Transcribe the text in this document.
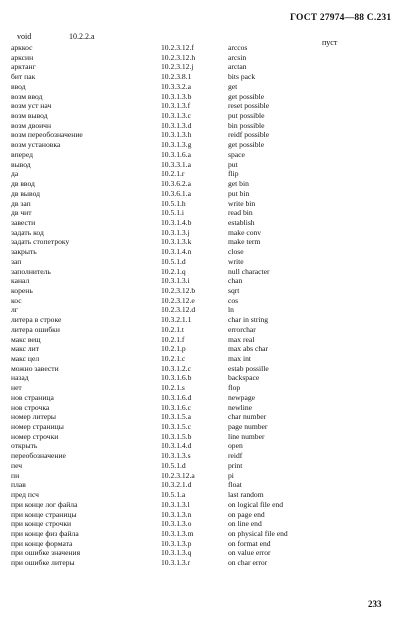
ГОСТ 27974—88 С.231
void	10.2.2.a
пуст
арккос	10.2.3.12.f	arccos
арксин	10.2.3.12.h	arcsin
арктанг	10.2.3.12.j	arctan
бит пак	10.2.3.8.1	bits pack
ввод	10.3.3.2.a	get
возм ввод	10.3.1.3.b	get possible
возм уст нач	10.3.1.3.f	reset possible
возм вывод	10.3.1.3.c	put possible
возм двоичн	10.3.1.3.d	bin possible
возм переобозначение	10.3.1.3.h	reidf possible
возм установка	10.3.1.3.g	get possible
вперед	10.3.1.6.a	space
вывод	10.3.3.1.a	put
да	10.2.1.r	flip
дв ввод	10.3.6.2.a	get bin
дв вывод	10.3.6.1.a	put bin
дв зап	10.5.1.h	write bin
дв чит	10.5.1.i	read bin
завести	10.3.1.4.b	establish
задать код	10.3.1.3.j	make conv
задать стопетроку	10.3.1.3.k	make term
закрыть	10.3.1.4.n	close
зап	10.5.1.d	write
заполнитель	10.2.1.q	null character
канал	10.3.1.3.i	chan
корень	10.2.3.12.b	sqrt
кос	10.2.3.12.e	cos
лг	10.2.3.12.d	ln
литера в строке	10.3.2.1.1	char in string
литера ошибки	10.2.1.t	errorchar
макс вещ	10.2.1.f	max real
макс лит	10.2.1.p	max abs char
макс цел	10.2.1.c	max int
можно завести	10.3.1.2.c	estab possille
назад	10.3.1.6.b	backspace
нет	10.2.1.s	flop
нов страница	10.3.1.6.d	newpage
нов строчка	10.3.1.6.c	newline
номер литеры	10.3.1.5.a	char number
номер страницы	10.3.1.5.c	page number
номер строчки	10.3.1.5.b	line number
открыть	10.3.1.4.d	open
переобозначение	10.3.1.3.s	reidf
печ	10.5.1.d	print
пи	10.2.3.12.a	pi
плав	10.3.2.1.d	float
пред псч	10.5.1.a	last random
при конце лог файла	10.3.1.3.l	on logical file end
при конце страницы	10.3.1.3.n	on page end
при конце строчки	10.3.1.3.o	on line end
при конце физ файла	10.3.1.3.m	on physical file end
при конце формата	10.3.1.3.p	on format end
при ошибке значения	10.3.1.3.q	on value error
при ошибке литеры	10.3.1.3.r	on char error
233
